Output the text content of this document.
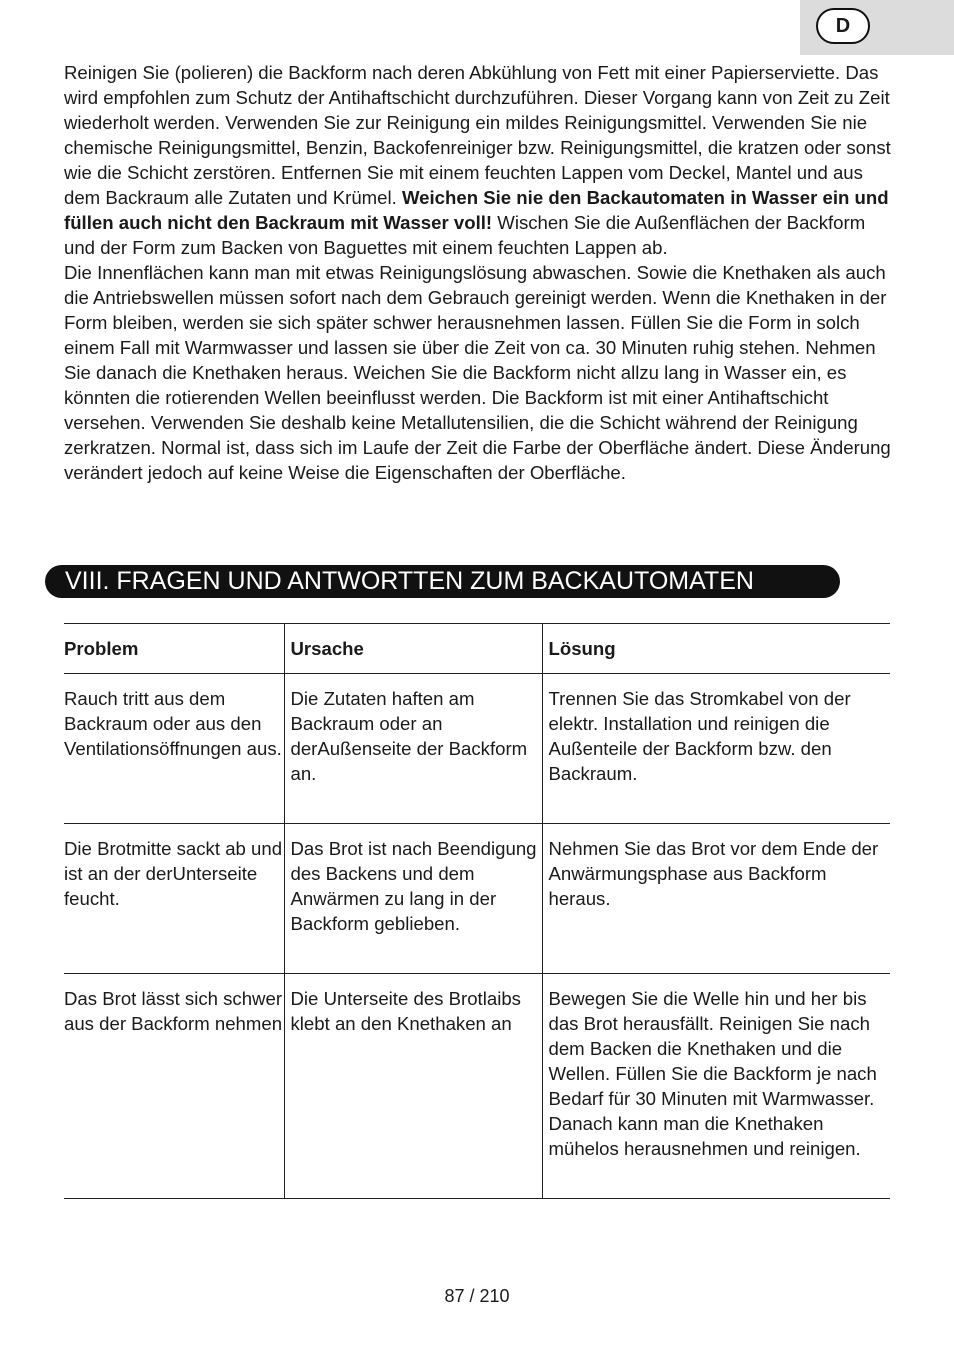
D

Reinigen Sie (polieren) die Backform nach deren Abkühlung von Fett mit einer Papierserviette. Das wird empfohlen zum Schutz der Antihaftschicht durchzuführen. Dieser Vorgang kann von Zeit zu Zeit wiederholt werden. Verwenden Sie zur Reinigung ein mildes Reinigungsmittel. Verwenden Sie nie chemische Reinigungsmittel, Benzin, Backofenreiniger bzw. Reinigungsmittel, die kratzen oder sonst wie die Schicht zerstören. Entfernen Sie mit einem feuchten Lappen vom Deckel, Mantel und aus dem Backraum alle Zutaten und Krümel. Weichen Sie nie den Backautomaten in Wasser ein und füllen auch nicht den Backraum mit Wasser voll! Wischen Sie die Außenflächen der Backform und der Form zum Backen von Baguettes mit einem feuchten Lappen ab.

Die Innenflächen kann man mit etwas Reinigungslösung abwaschen. Sowie die Knethaken als auch die Antriebswellen müssen sofort nach dem Gebrauch gereinigt werden. Wenn die Knethaken in der Form bleiben, werden sie sich später schwer herausnehmen lassen. Füllen Sie die Form in solch einem Fall mit Warmwasser und lassen sie über die Zeit von ca. 30 Minuten ruhig stehen. Nehmen Sie danach die Knethaken heraus. Weichen Sie die Backform nicht allzu lang in Wasser ein, es könnten die rotierenden Wellen beeinflusst werden. Die Backform ist mit einer Antihaftschicht versehen. Verwenden Sie deshalb keine Metallutensilien, die die Schicht während der Reinigung zerkratzen. Normal ist, dass sich im Laufe der Zeit die Farbe der Oberfläche ändert. Diese Änderung verändert jedoch auf keine Weise die Eigenschaften der Oberfläche.

VIII. FRAGEN UND ANTWORTTEN ZUM BACKAUTOMATEN
Problem	Ursache	Lösung
Rauch tritt aus dem Backraum oder aus den Ventilationsöffnungen aus.	Die Zutaten haften am Backraum oder an derAußenseite der Backform an.	Trennen Sie das Stromkabel von der elektr. Installation und reinigen die Außenteile der Backform bzw. den Backraum.
Die Brotmitte sackt ab und ist an der derUnterseite feucht.	Das Brot ist nach Beendigung des Backens und dem Anwärmen zu lang in der Backform geblieben.	Nehmen Sie das Brot vor dem Ende der Anwärmungsphase aus Backform heraus.
Das Brot lässt sich schwer aus der Backform nehmen	Die Unterseite des Brotlaibs klebt an den Knethaken an	Bewegen Sie die Welle hin und her bis das Brot herausfällt. Reinigen Sie nach dem Backen die Knethaken und die Wellen. Füllen Sie die Backform je nach Bedarf für 30 Minuten mit Warmwasser. Danach kann man die Knethaken mühelos herausnehmen und reinigen.
87 / 210
